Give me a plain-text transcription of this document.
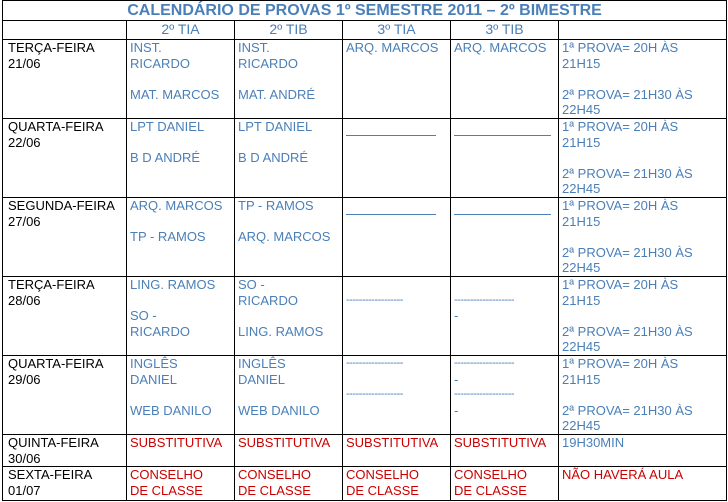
CALENDÁRIO DE PROVAS 1º SEMESTRE 2011 – 2º BIMESTRE					
	2º TIA	2º TIB	3º TIA	3º TIB	

TERÇA-FEIRA
21/06	INST.
RICARDO
MAT. MARCOS	INST.
RICARDO
MAT. ANDRÉ	ARQ. MARCOS	ARQ. MARCOS	1ª PROVA= 20H ÀS
21H15
2ª PROVA= 21H30 ÀS
22H45

QUARTA-FEIRA
22/06	LPT DANIEL
B D ANDRÉ	LPT DANIEL
B D ANDRÉ			1ª PROVA= 20H ÀS
21H15
2ª PROVA= 21H30 ÀS
22H45

SEGUNDA-FEIRA
27/06	ARQ. MARCOS
TP - RAMOS	TP - RAMOS
ARQ. MARCOS			1ª PROVA= 20H ÀS
21H15
2ª PROVA= 21H30 ÀS
22H45

TERÇA-FEIRA
28/06	LING. RAMOS
SO -
RICARDO	SO -
RICARDO
LING. RAMOS	------------------	-------------------
-	1ª PROVA= 20H ÀS
21H15
2ª PROVA= 21H30 ÀS
22H45

QUARTA-FEIRA
29/06	INGLÊS
DANIEL
WEB DANILO	INGLÊS
DANIEL
WEB DANILO	------------------
------------------	-------------------
-
-------------------
-	1ª PROVA= 20H ÀS
21H15
2ª PROVA= 21H30 ÀS
22H45

QUINTA-FEIRA
30/06	SUBSTITUTIVA	SUBSTITUTIVA	SUBSTITUTIVA	SUBSTITUTIVA	19H30MIN

SEXTA-FEIRA
01/07	CONSELHO
DE CLASSE	CONSELHO
DE CLASSE	CONSELHO
DE CLASSE	CONSELHO
DE CLASSE	NÃO HAVERÁ AULA
